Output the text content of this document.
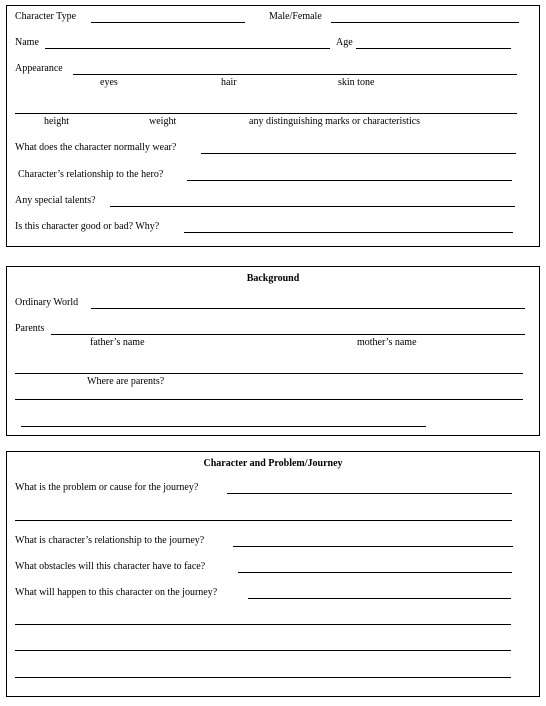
Character Type	Male/Female
Name	Age
Appearance
eyes	hair	skin tone
height	weight	any distinguishing marks or characteristics
What does the character normally wear?
Character’s relationship to the hero?
Any special talents?
Is this character good or bad? Why?
Background
Ordinary World
Parents
father’s name	mother’s name
Where are parents?
Character and Problem/Journey
What is the problem or cause for the journey?
What is character’s relationship to the journey?
What obstacles will this character have to face?
What will happen to this character on the journey?
